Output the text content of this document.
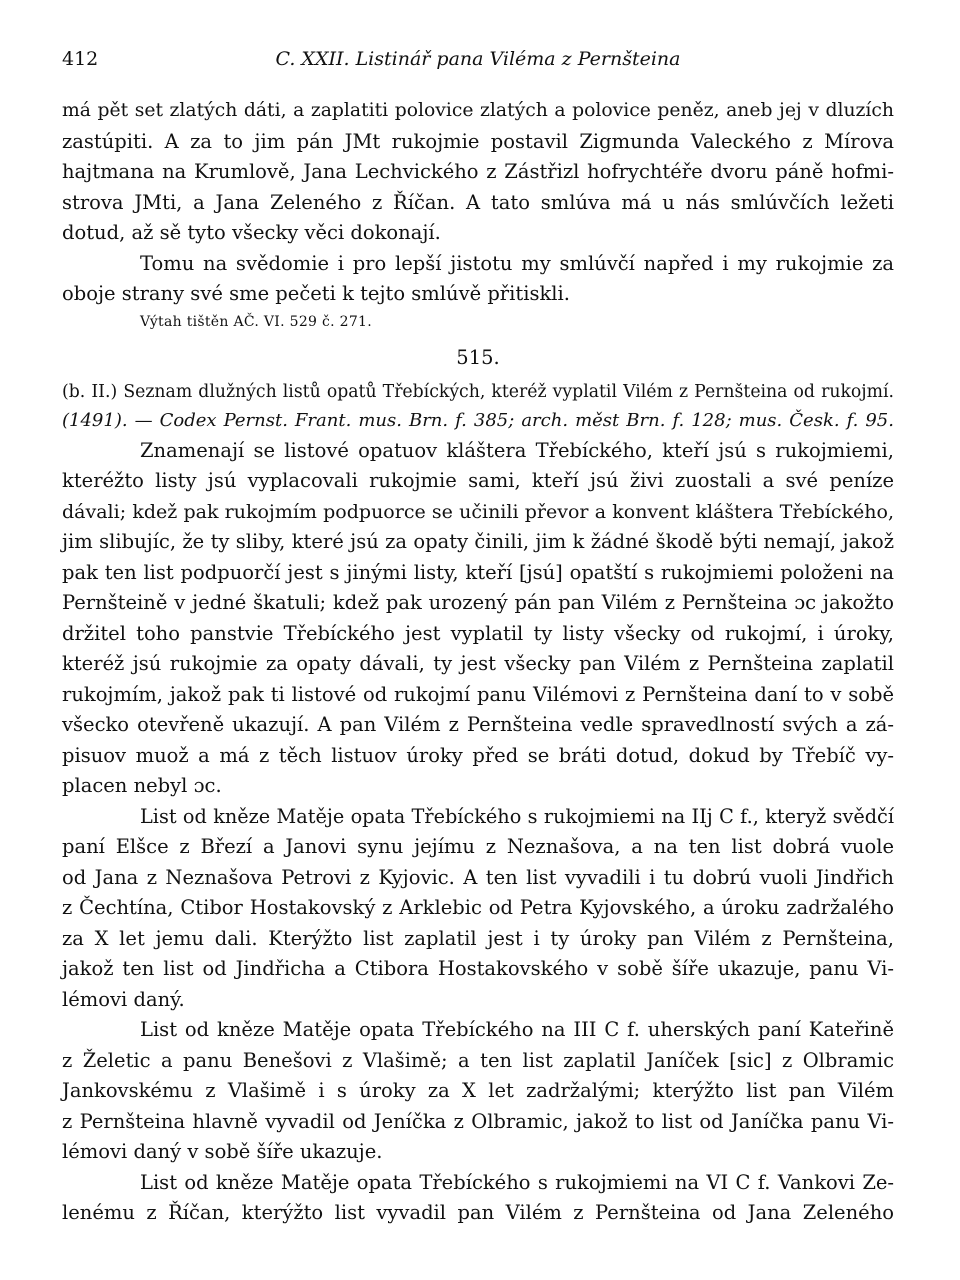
412	C. XXII. Listinář pana Viléma z Pernšteina
má pět set zlatých dáti, a zaplatiti polovice zlatých a polovice peněz, aneb jej v dluzích
zastúpiti. A za to jim pán JMt rukojmie postavil Zigmunda Valeckého z Mírova
hajtmana na Krumlově, Jana Lechvického z Zástřizl hofrychtéře dvoru páně hofmi-
strova JMti, a Jana Zeleného z Říčan. A tato smlúva má u nás smlúvčích ležeti
dotud, až sě tyto všecky věci dokonají.
Tomu na svědomie i pro lepší jistotu my smlúvčí napřed i my rukojmie za
oboje strany své sme pečeti k tejto smlúvě přitiskli.
Výtah tištěn AČ. VI. 529 č. 271.
515.
(b. II.) Seznam dlužných listů opatů Třebíckých, kteréž vyplatil Vilém z Pernšteina od rukojmí.
(1491). — Codex Pernst. Frant. mus. Brn. f. 385; arch. měst Brn. f. 128; mus. Česk. f. 95.
Znamenají se listové opatuov kláštera Třebíckého, kteří jsú s rukojmiemi,
kteréžto listy jsú vyplacovali rukojmie sami, kteří jsú živi zuostali a své peníze
dávali; kdež pak rukojmím podpuorce se učinili převor a konvent kláštera Třebíckého,
jim slibujíc, že ty sliby, které jsú za opaty činili, jim k žádné škodě býti nemají, jakož
pak ten list podpuorčí jest s jinými listy, kteří [jsú] opatští s rukojmiemi položeni na
Pernšteině v jedné škatuli; kdež pak urozený pán pan Vilém z Pernšteina ɔc jakožto
držitel toho panstvie Třebíckého jest vyplatil ty listy všecky od rukojmí, i úroky,
kteréž jsú rukojmie za opaty dávali, ty jest všecky pan Vilém z Pernšteina zaplatil
rukojmím, jakož pak ti listové od rukojmí panu Vilémovi z Pernšteina daní to v sobě
všecko otevřeně ukazují. A pan Vilém z Pernšteina vedle spravedlností svých a zá-
pisuov muož a má z těch listuov úroky před se bráti dotud, dokud by Třebíč vy-
placen nebyl ɔc.
List od kněze Matěje opata Třebíckého s rukojmiemi na IIj C f., kteryž svědčí
paní Elšce z Březí a Janovi synu jejímu z Neznašova, a na ten list dobrá vuole
od Jana z Neznašova Petrovi z Kyjovic. A ten list vyvadili i tu dobrú vuoli Jindřich
z Čechtína, Ctibor Hostakovský z Arklebic od Petra Kyjovského, a úroku zadržalého
za X let jemu dali. Kterýžto list zaplatil jest i ty úroky pan Vilém z Pernšteina,
jakož ten list od Jindřicha a Ctibora Hostakovského v sobě šíře ukazuje, panu Vi-
lémovi daný.
List od kněze Matěje opata Třebíckého na III C f. uherských paní Kateřině
z Želetic a panu Benešovi z Vlašimě; a ten list zaplatil Janíček [sic] z Olbramic
Jankovskému z Vlašimě i s úroky za X let zadržalými; kterýžto list pan Vilém
z Pernšteina hlavně vyvadil od Jeníčka z Olbramic, jakož to list od Janíčka panu Vi-
lémovi daný v sobě šíře ukazuje.
List od kněze Matěje opata Třebíckého s rukojmiemi na VI C f. Vankovi Ze-
lenému z Říčan, kterýžto list vyvadil pan Vilém z Pernšteina od Jana Zeleného
